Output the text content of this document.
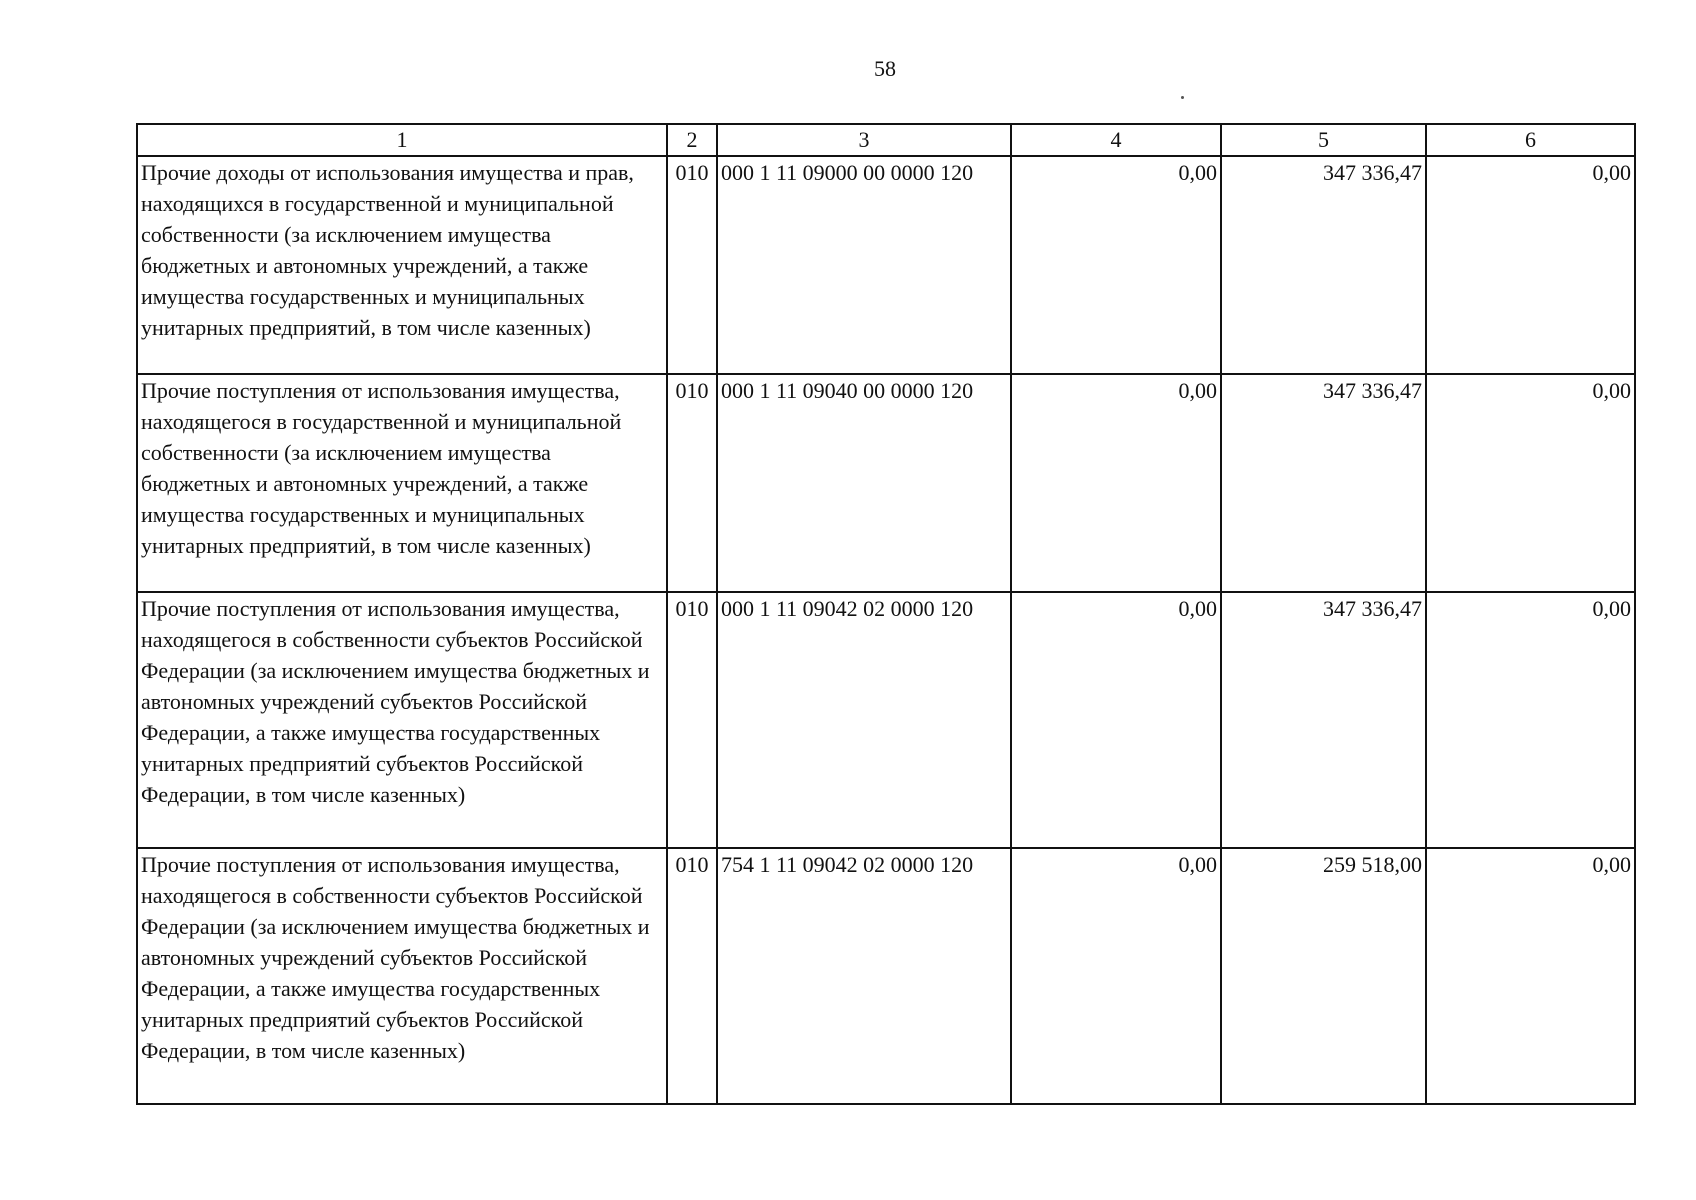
58
1	2	3	4	5	6
Прочие доходы от использования имущества и прав, находящихся в государственной и муниципальной собственности (за исключением имущества бюджетных и автономных учреждений, а также имущества государственных и муниципальных унитарных предприятий, в том числе казенных)	010	000 1 11 09000 00 0000 120	0,00	347 336,47	0,00
Прочие поступления от использования имущества, находящегося в государственной и муниципальной собственности (за исключением имущества бюджетных и автономных учреждений, а также имущества государственных и муниципальных унитарных предприятий, в том числе казенных)	010	000 1 11 09040 00 0000 120	0,00	347 336,47	0,00
Прочие поступления от использования имущества, находящегося в собственности субъектов Российской Федерации (за исключением имущества бюджетных и автономных учреждений субъектов Российской Федерации, а также имущества государственных унитарных предприятий субъектов Российской Федерации, в том числе казенных)	010	000 1 11 09042 02 0000 120	0,00	347 336,47	0,00
Прочие поступления от использования имущества, находящегося в собственности субъектов Российской Федерации (за исключением имущества бюджетных и автономных учреждений субъектов Российской Федерации, а также имущества государственных унитарных предприятий субъектов Российской Федерации, в том числе казенных)	010	754 1 11 09042 02 0000 120	0,00	259 518,00	0,00
